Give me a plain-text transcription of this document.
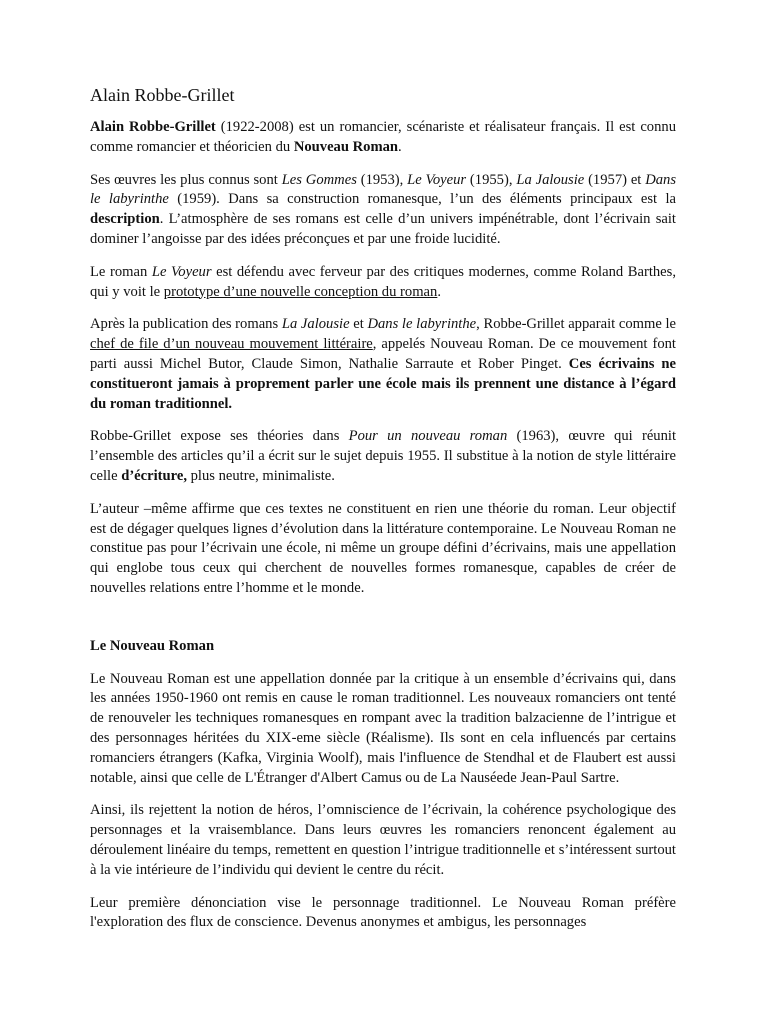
Alain Robbe-Grillet

Alain Robbe-Grillet (1922-2008) est un romancier, scénariste et réalisateur français. Il est connu comme romancier et théoricien du Nouveau Roman.

Ses œuvres les plus connus sont Les Gommes (1953), Le Voyeur (1955), La Jalousie (1957) et Dans le labyrinthe (1959). Dans sa construction romanesque, l’un des éléments principaux est la description. L’atmosphère de ses romans est celle d’un univers impénétrable, dont l’écrivain sait dominer l’angoisse par des idées préconçues et par une froide lucidité.

Le roman Le Voyeur est défendu avec ferveur par des critiques modernes, comme Roland Barthes, qui y voit le prototype d’une nouvelle conception du roman.

Après la publication des romans La Jalousie et Dans le labyrinthe, Robbe-Grillet apparait comme le chef de file d’un nouveau mouvement littéraire, appelés Nouveau Roman. De ce mouvement font parti aussi Michel Butor, Claude Simon, Nathalie Sarraute et Rober Pinget. Ces écrivains ne constitueront jamais à proprement parler une école mais ils prennent une distance à l’égard du roman traditionnel.

Robbe-Grillet expose ses théories dans Pour un nouveau roman (1963), œuvre qui réunit l’ensemble des articles qu’il a écrit sur le sujet depuis 1955. Il substitue à la notion de style littéraire celle d’écriture, plus neutre, minimaliste.

L’auteur –même affirme que ces textes ne constituent en rien une théorie du roman. Leur objectif est de dégager quelques lignes d’évolution dans la littérature contemporaine. Le Nouveau Roman ne constitue pas pour l’écrivain une école, ni même un groupe défini d’écrivains, mais une appellation qui englobe tous ceux qui cherchent de nouvelles formes romanesque, capables de créer de nouvelles relations entre l’homme et le monde.

Le Nouveau Roman

Le Nouveau Roman est une appellation donnée par la critique à un ensemble d’écrivains qui, dans les années 1950-1960 ont remis en cause le roman traditionnel. Les nouveaux romanciers ont tenté de renouveler les techniques romanesques en rompant avec la tradition balzacienne de l’intrigue et des personnages héritées du XIX-eme siècle (Réalisme). Ils sont en cela influencés par certains romanciers étrangers (Kafka, Virginia Woolf), mais l'influence de Stendhal et de Flaubert est aussi notable, ainsi que celle de L'Étranger d'Albert Camus ou de La Nauséede Jean-Paul Sartre.

Ainsi, ils rejettent la notion de héros, l’omniscience de l’écrivain, la cohérence psychologique des personnages et la vraisemblance. Dans leurs œuvres les romanciers renoncent également au déroulement linéaire du temps, remettent en question l’intrigue traditionnelle et s’intéressent surtout à la vie intérieure de l’individu qui devient le centre du récit.

Leur première dénonciation vise le personnage traditionnel. Le Nouveau Roman préfère l'exploration des flux de conscience. Devenus anonymes et ambigus, les personnages
